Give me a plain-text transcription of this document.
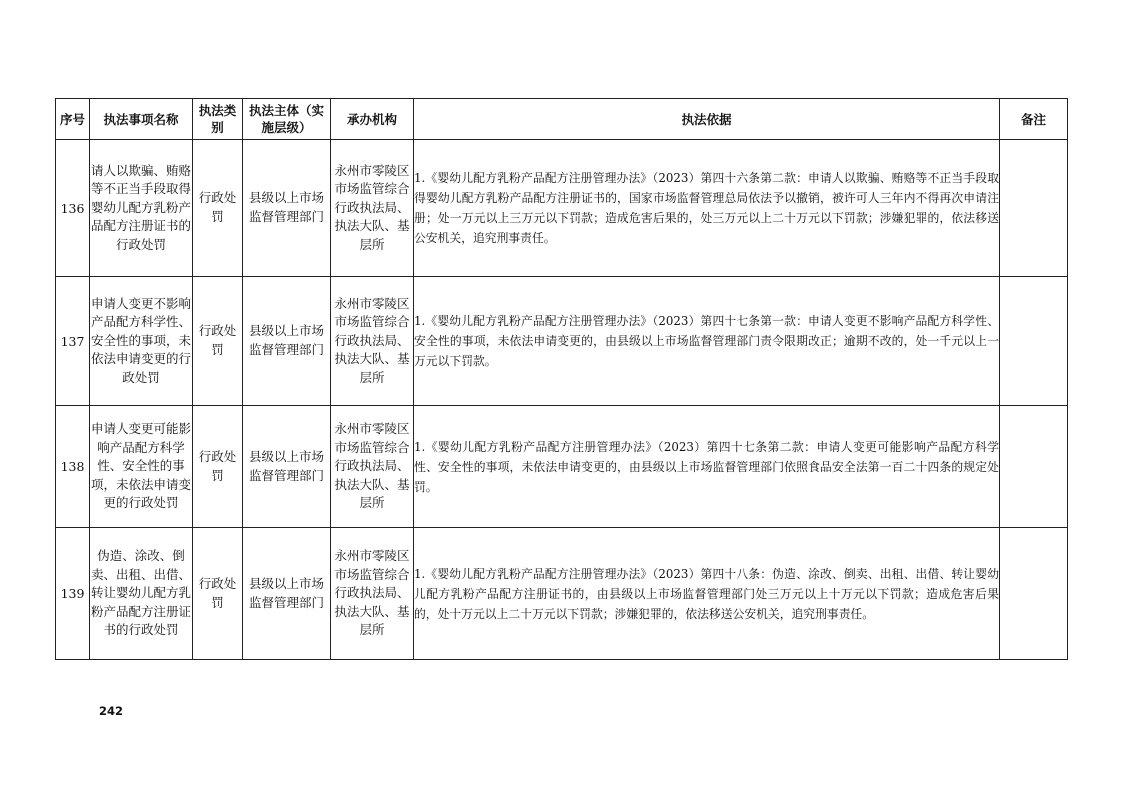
序号	执法事项名称	执法类别	执法主体（实施层级）	承办机构	执法依据	备注
136	请人以欺骗、贿赂等不正当手段取得婴幼儿配方乳粉产品配方注册证书的行政处罚	行政处罚	县级以上市场监督管理部门	永州市零陵区市场监管综合行政执法局、执法大队、基层所	1.《婴幼儿配方乳粉产品配方注册管理办法》（2023）第四十六条第二款：申请人以欺骗、贿赂等不正当手段取得婴幼儿配方乳粉产品配方注册证书的，国家市场监督管理总局依法予以撤销，被许可人三年内不得再次申请注册；处一万元以上三万元以下罚款；造成危害后果的，处三万元以上二十万元以下罚款；涉嫌犯罪的，依法移送公安机关，追究刑事责任。	
137	申请人变更不影响产品配方科学性、安全性的事项，未依法申请变更的行政处罚	行政处罚	县级以上市场监督管理部门	永州市零陵区市场监管综合行政执法局、执法大队、基层所	1.《婴幼儿配方乳粉产品配方注册管理办法》（2023）第四十七条第一款：申请人变更不影响产品配方科学性、安全性的事项，未依法申请变更的，由县级以上市场监督管理部门责令限期改正；逾期不改的，处一千元以上一万元以下罚款。	
138	申请人变更可能影响产品配方科学性、安全性的事项，未依法申请变更的行政处罚	行政处罚	县级以上市场监督管理部门	永州市零陵区市场监管综合行政执法局、执法大队、基层所	1.《婴幼儿配方乳粉产品配方注册管理办法》（2023）第四十七条第二款：申请人变更可能影响产品配方科学性、安全性的事项，未依法申请变更的，由县级以上市场监督管理部门依照食品安全法第一百二十四条的规定处罚。	
139	伪造、涂改、倒卖、出租、出借、转让婴幼儿配方乳粉产品配方注册证书的行政处罚	行政处罚	县级以上市场监督管理部门	永州市零陵区市场监管综合行政执法局、执法大队、基层所	1.《婴幼儿配方乳粉产品配方注册管理办法》（2023）第四十八条：伪造、涂改、倒卖、出租、出借、转让婴幼儿配方乳粉产品配方注册证书的，由县级以上市场监督管理部门处三万元以上十万元以下罚款；造成危害后果的，处十万元以上二十万元以下罚款；涉嫌犯罪的，依法移送公安机关，追究刑事责任。	
242
